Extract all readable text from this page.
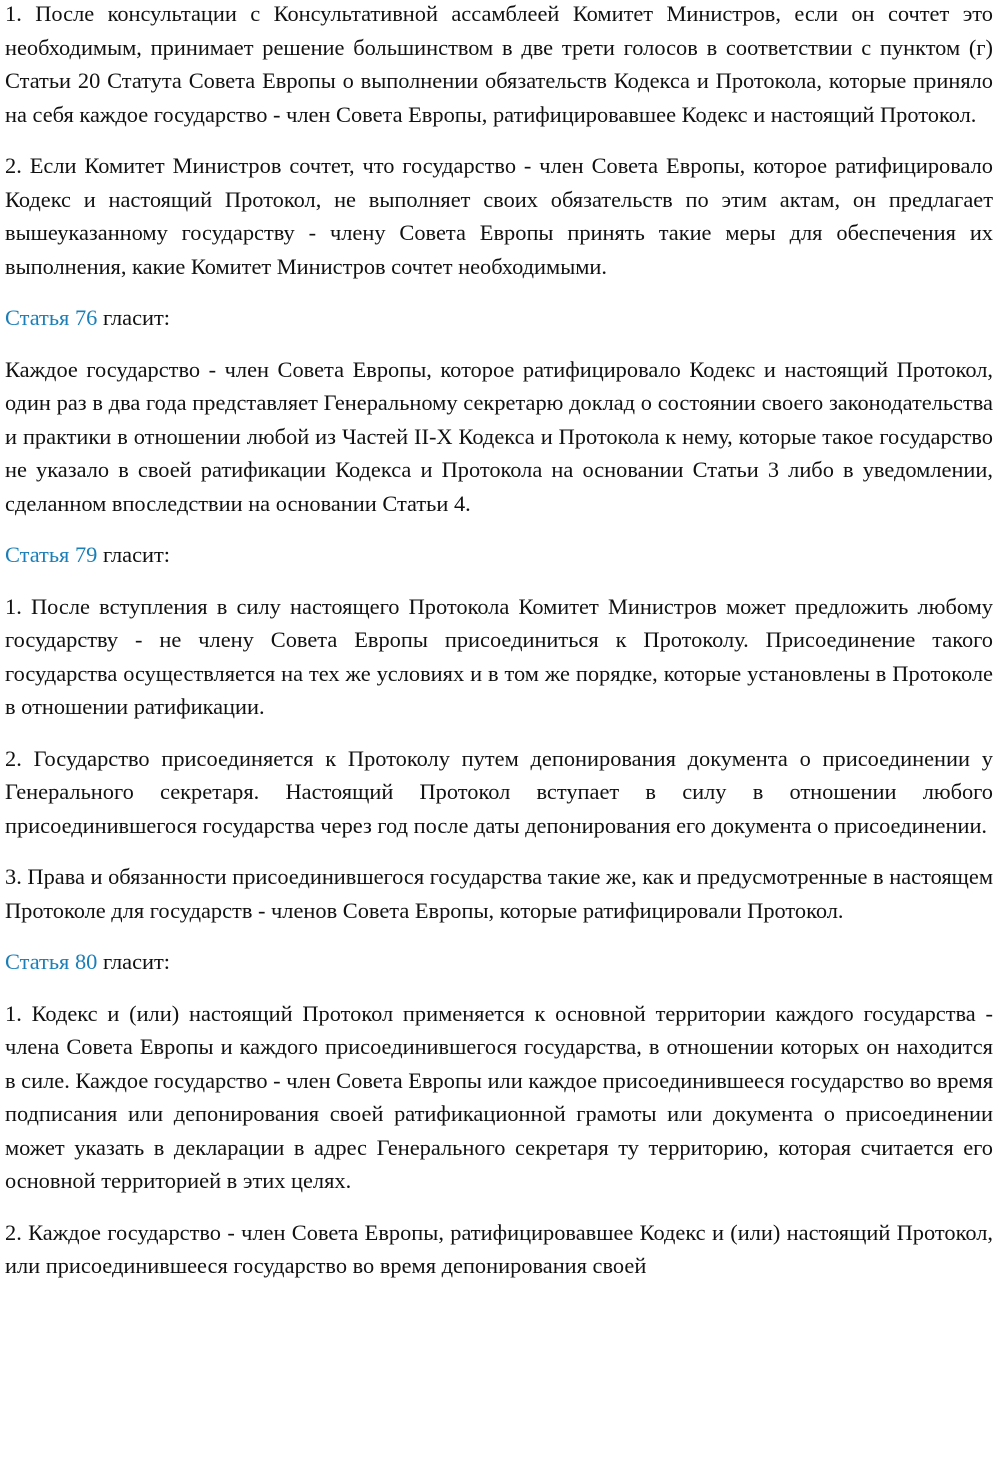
1. После консультации с Консультативной ассамблеей Комитет Министров, если он сочтет это необходимым, принимает решение большинством в две трети голосов в соответствии с пунктом (г) Статьи 20 Статута Совета Европы о выполнении обязательств Кодекса и Протокола, которые приняло на себя каждое государство - член Совета Европы, ратифицировавшее Кодекс и настоящий Протокол.

2. Если Комитет Министров сочтет, что государство - член Совета Европы, которое ратифицировало Кодекс и настоящий Протокол, не выполняет своих обязательств по этим актам, он предлагает вышеуказанному государству - члену Совета Европы принять такие меры для обеспечения их выполнения, какие Комитет Министров сочтет необходимыми.

Статья 76 гласит:

Каждое государство - член Совета Европы, которое ратифицировало Кодекс и настоящий Протокол, один раз в два года представляет Генеральному секретарю доклад о состоянии своего законодательства и практики в отношении любой из Частей II-X Кодекса и Протокола к нему, которые такое государство не указало в своей ратификации Кодекса и Протокола на основании Статьи 3 либо в уведомлении, сделанном впоследствии на основании Статьи 4.

Статья 79 гласит:

1. После вступления в силу настоящего Протокола Комитет Министров может предложить любому государству - не члену Совета Европы присоединиться к Протоколу. Присоединение такого государства осуществляется на тех же условиях и в том же порядке, которые установлены в Протоколе в отношении ратификации.

2. Государство присоединяется к Протоколу путем депонирования документа о присоединении у Генерального секретаря. Настоящий Протокол вступает в силу в отношении любого присоединившегося государства через год после даты депонирования его документа о присоединении.

3. Права и обязанности присоединившегося государства такие же, как и предусмотренные в настоящем Протоколе для государств - членов Совета Европы, которые ратифицировали Протокол.

Статья 80 гласит:

1. Кодекс и (или) настоящий Протокол применяется к основной территории каждого государства - члена Совета Европы и каждого присоединившегося государства, в отношении которых он находится в силе. Каждое государство - член Совета Европы или каждое присоединившееся государство во время подписания или депонирования своей ратификационной грамоты или документа о присоединении может указать в декларации в адрес Генерального секретаря ту территорию, которая считается его основной территорией в этих целях.

2. Каждое государство - член Совета Европы, ратифицировавшее Кодекс и (или) настоящий Протокол, или присоединившееся государство во время депонирования своей
